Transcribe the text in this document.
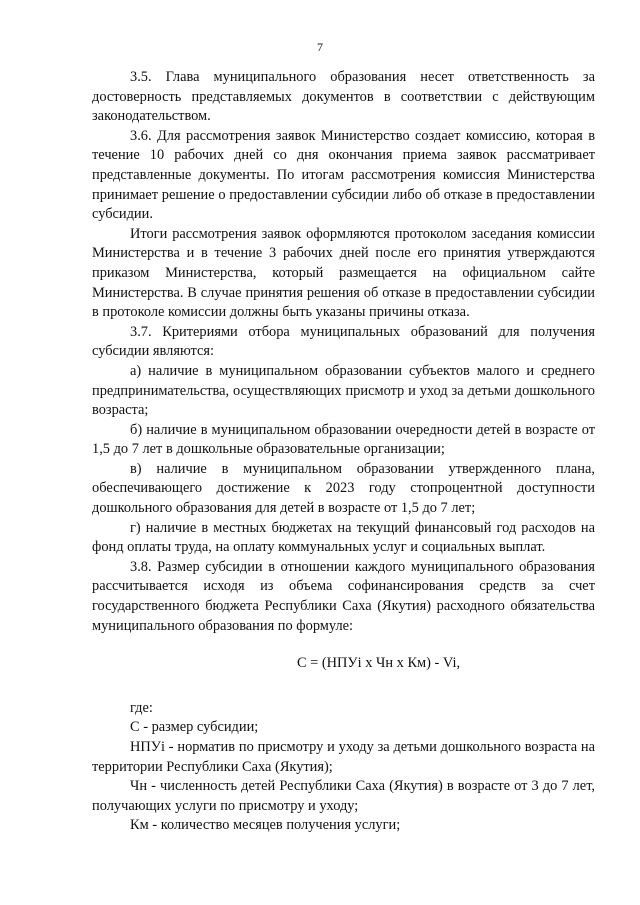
7

3.5. Глава муниципального образования несет ответственность за достоверность представляемых документов в соответствии с действующим законодательством.

3.6. Для рассмотрения заявок Министерство создает комиссию, которая в течение 10 рабочих дней со дня окончания приема заявок рассматривает представленные документы. По итогам рассмотрения комиссия Министерства принимает решение о предоставлении субсидии либо об отказе в предоставлении субсидии.

Итоги рассмотрения заявок оформляются протоколом заседания комиссии Министерства и в течение 3 рабочих дней после его принятия утверждаются приказом Министерства, который размещается на официальном сайте Министерства. В случае принятия решения об отказе в предоставлении субсидии в протоколе комиссии должны быть указаны причины отказа.

3.7. Критериями отбора муниципальных образований для получения субсидии являются:

а) наличие в муниципальном образовании субъектов малого и среднего предпринимательства, осуществляющих присмотр и уход за детьми дошкольного возраста;

б) наличие в муниципальном образовании очередности детей в возрасте от 1,5 до 7 лет в дошкольные образовательные организации;

в) наличие в муниципальном образовании утвержденного плана, обеспечивающего достижение к 2023 году стопроцентной доступности дошкольного образования для детей в возрасте от 1,5 до 7 лет;

г) наличие в местных бюджетах на текущий финансовый год расходов на фонд оплаты труда, на оплату коммунальных услуг и социальных выплат.

3.8. Размер субсидии в отношении каждого муниципального образования рассчитывается исходя из объема софинансирования средств за счет государственного бюджета Республики Саха (Якутия) расходного обязательства муниципального образования по формуле:

С = (НПУi x Чн x Км) - Vi,

где:

С - размер субсидии;

НПУi - норматив по присмотру и уходу за детьми дошкольного возраста на территории Республики Саха (Якутия);

Чн - численность детей Республики Саха (Якутия) в возрасте от 3 до 7 лет, получающих услуги по присмотру и уходу;

Км - количество месяцев получения услуги;
